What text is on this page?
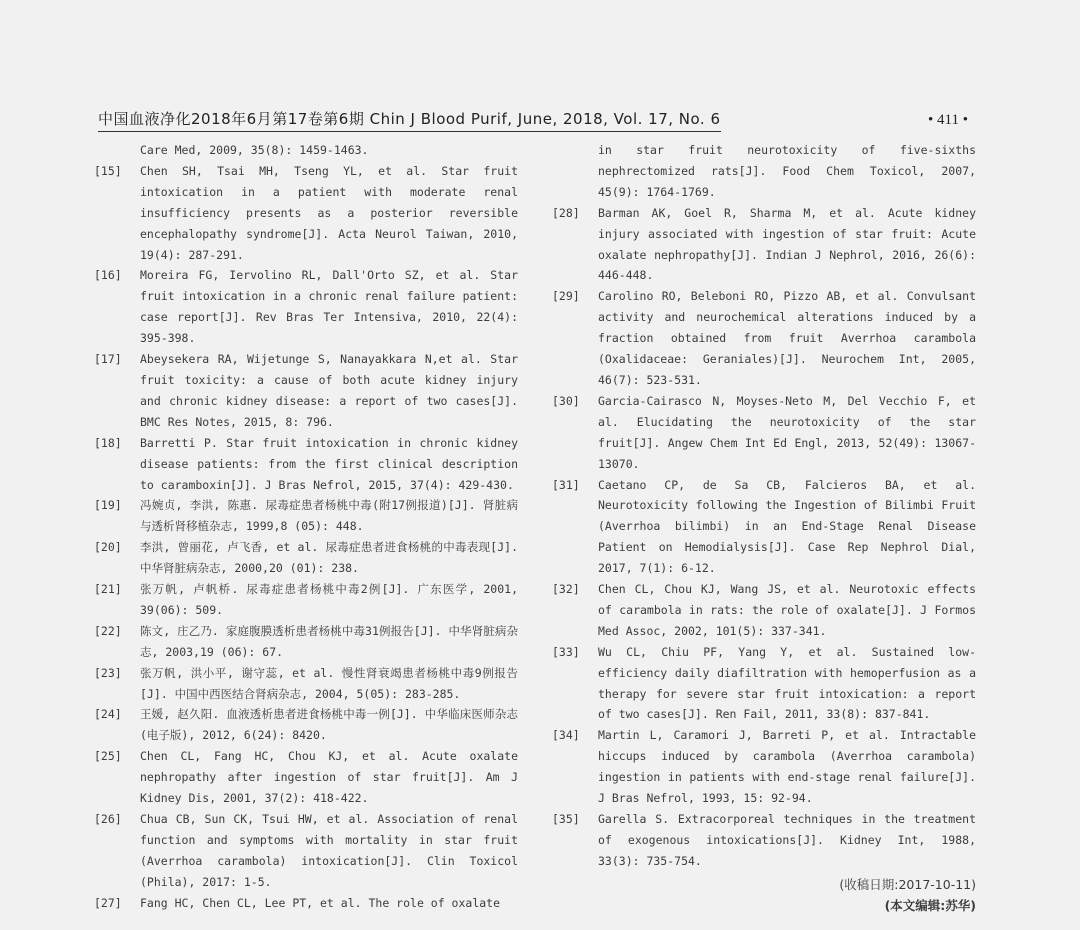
中国血液净化2018年6月第17卷第6期 Chin J Blood Purif, June, 2018, Vol. 17, No. 6	• 411 •
Care Med, 2009, 35(8): 1459-1463.
[15]	Chen SH, Tsai MH, Tseng YL, et al. Star fruit intoxication in a patient with moderate renal insufficiency presents as a posterior reversible encephalopathy syndrome[J]. Acta Neurol Taiwan, 2010, 19(4): 287-291.
[16]	Moreira FG, Iervolino RL, Dall'Orto SZ, et al. Star fruit intoxication in a chronic renal failure patient: case report[J]. Rev Bras Ter Intensiva, 2010, 22(4): 395-398.
[17]	Abeysekera RA, Wijetunge S, Nanayakkara N,et al. Star fruit toxicity: a cause of both acute kidney injury and chronic kidney disease: a report of two cases[J]. BMC Res Notes, 2015, 8: 796.
[18]	Barretti P. Star fruit intoxication in chronic kidney disease patients: from the first clinical description to caramboxin[J]. J Bras Nefrol, 2015, 37(4): 429-430.
[19]	冯婉贞, 李洪, 陈惠. 尿毒症患者杨桃中毒(附17例报道)[J]. 肾脏病与透析肾移植杂志, 1999,8 (05): 448.
[20]	李洪, 曾丽花, 卢飞香, et al. 尿毒症患者进食杨桃的中毒表现[J]. 中华肾脏病杂志, 2000,20 (01): 238.
[21]	张万帆, 卢帆桥. 尿毒症患者杨桃中毒2例[J]. 广东医学, 2001, 39(06): 509.
[22]	陈文, 庄乙乃. 家庭腹膜透析患者杨桃中毒31例报告[J]. 中华肾脏病杂志, 2003,19 (06): 67.
[23]	张万帆, 洪小平, 谢守蕊, et al. 慢性肾衰竭患者杨桃中毒9例报告[J]. 中国中西医结合肾病杂志, 2004, 5(05): 283-285.
[24]	王媛, 赵久阳. 血液透析患者进食杨桃中毒一例[J]. 中华临床医师杂志(电子版), 2012, 6(24): 8420.
[25]	Chen CL, Fang HC, Chou KJ, et al. Acute oxalate nephropathy after ingestion of star fruit[J]. Am J Kidney Dis, 2001, 37(2): 418-422.
[26]	Chua CB, Sun CK, Tsui HW, et al. Association of renal function and symptoms with mortality in star fruit (Averrhoa carambola) intoxication[J]. Clin Toxicol (Phila), 2017: 1-5.
[27]	Fang HC, Chen CL, Lee PT, et al. The role of oxalate
in star fruit neurotoxicity of five-sixths nephrectomized rats[J]. Food Chem Toxicol, 2007, 45(9): 1764-1769.
[28]	Barman AK, Goel R, Sharma M, et al. Acute kidney injury associated with ingestion of star fruit: Acute oxalate nephropathy[J]. Indian J Nephrol, 2016, 26(6): 446-448.
[29]	Carolino RO, Beleboni RO, Pizzo AB, et al. Convulsant activity and neurochemical alterations induced by a fraction obtained from fruit Averrhoa carambola (Oxalidaceae: Geraniales)[J]. Neurochem Int, 2005, 46(7): 523-531.
[30]	Garcia-Cairasco N, Moyses-Neto M, Del Vecchio F, et al. Elucidating the neurotoxicity of the star fruit[J]. Angew Chem Int Ed Engl, 2013, 52(49): 13067-13070.
[31]	Caetano CP, de Sa CB, Falcieros BA, et al. Neurotoxicity following the Ingestion of Bilimbi Fruit (Averrhoa bilimbi) in an End-Stage Renal Disease Patient on Hemodialysis[J]. Case Rep Nephrol Dial, 2017, 7(1): 6-12.
[32]	Chen CL, Chou KJ, Wang JS, et al. Neurotoxic effects of carambola in rats: the role of oxalate[J]. J Formos Med Assoc, 2002, 101(5): 337-341.
[33]	Wu CL, Chiu PF, Yang Y, et al. Sustained low-efficiency daily diafiltration with hemoperfusion as a therapy for severe star fruit intoxication: a report of two cases[J]. Ren Fail, 2011, 33(8): 837-841.
[34]	Martin L, Caramori J, Barreti P, et al. Intractable hiccups induced by carambola (Averrhoa carambola) ingestion in patients with end-stage renal failure[J]. J Bras Nefrol, 1993, 15: 92-94.
[35]	Garella S. Extracorporeal techniques in the treatment of exogenous intoxications[J]. Kidney Int, 1988, 33(3): 735-754.
(收稿日期:2017-10-11)
(本文编辑:苏华)
